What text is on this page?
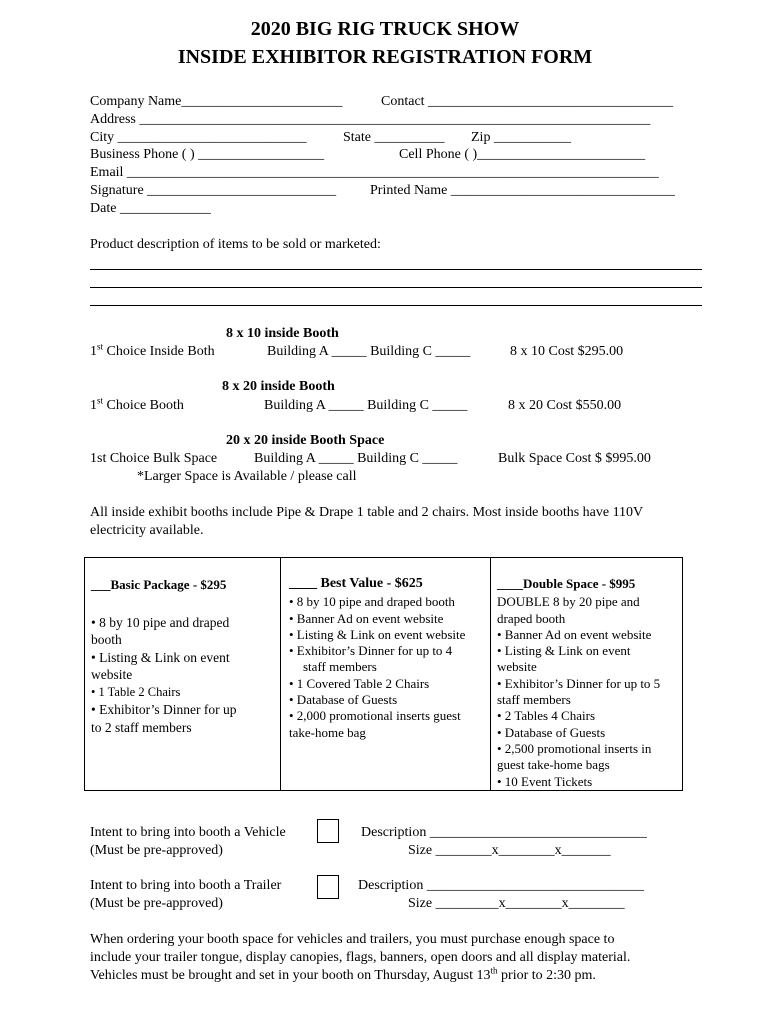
2020 BIG RIG TRUCK SHOW
INSIDE EXHIBITOR REGISTRATION FORM
Company Name_______________________	Contact ___________________________________
Address _________________________________________________________________________
City ___________________________	State __________ Zip ___________
Business Phone ( ) __________________	Cell Phone ( )________________________
Email ____________________________________________________________________________
Signature ___________________________ Printed Name ________________________________
Date _____________
Product description of items to be sold or marketed:
8 x 10 inside Booth
1st Choice Inside Both	Building A _____ Building C _____	8 x 10 Cost $295.00
8 x 20 inside Booth
1st Choice Booth	Building A _____ Building C _____	8 x 20 Cost $550.00
20 x 20 inside Booth Space
1st Choice Bulk Space	Building A _____ Building C _____	Bulk Space Cost $ $995.00
*Larger Space is Available / please call
All inside exhibit booths include Pipe & Drape 1 table and 2 chairs. Most inside booths have 110V
electricity available.
___Basic Package - $295
• 8 by 10 pipe and draped
booth
• Listing & Link on event
website
• 1 Table 2 Chairs
• Exhibitor’s Dinner for up
to 2 staff members

____ Best Value - $625
• 8 by 10 pipe and draped booth
• Banner Ad on event website
• Listing & Link on event website
• Exhibitor’s Dinner for up to 4
staff members
• 1 Covered Table 2 Chairs
• Database of Guests
• 2,000 promotional inserts guest
take-home bag

____Double Space - $995
DOUBLE 8 by 20 pipe and
draped booth
• Banner Ad on event website
• Listing & Link on event
website
• Exhibitor’s Dinner for up to 5
staff members
• 2 Tables 4 Chairs
• Database of Guests
• 2,500 promotional inserts in
guest take-home bags
• 10 Event Tickets
Intent to bring into booth a Vehicle
(Must be pre-approved)
Description _______________________________
Size ________x________x_______
Intent to bring into booth a Trailer
(Must be pre-approved)
Description _______________________________
Size _________x________x________
When ordering your booth space for vehicles and trailers, you must purchase enough space to
include your trailer tongue, display canopies, flags, banners, open doors and all display material.
Vehicles must be brought and set in your booth on Thursday, August 13th prior to 2:30 pm.
